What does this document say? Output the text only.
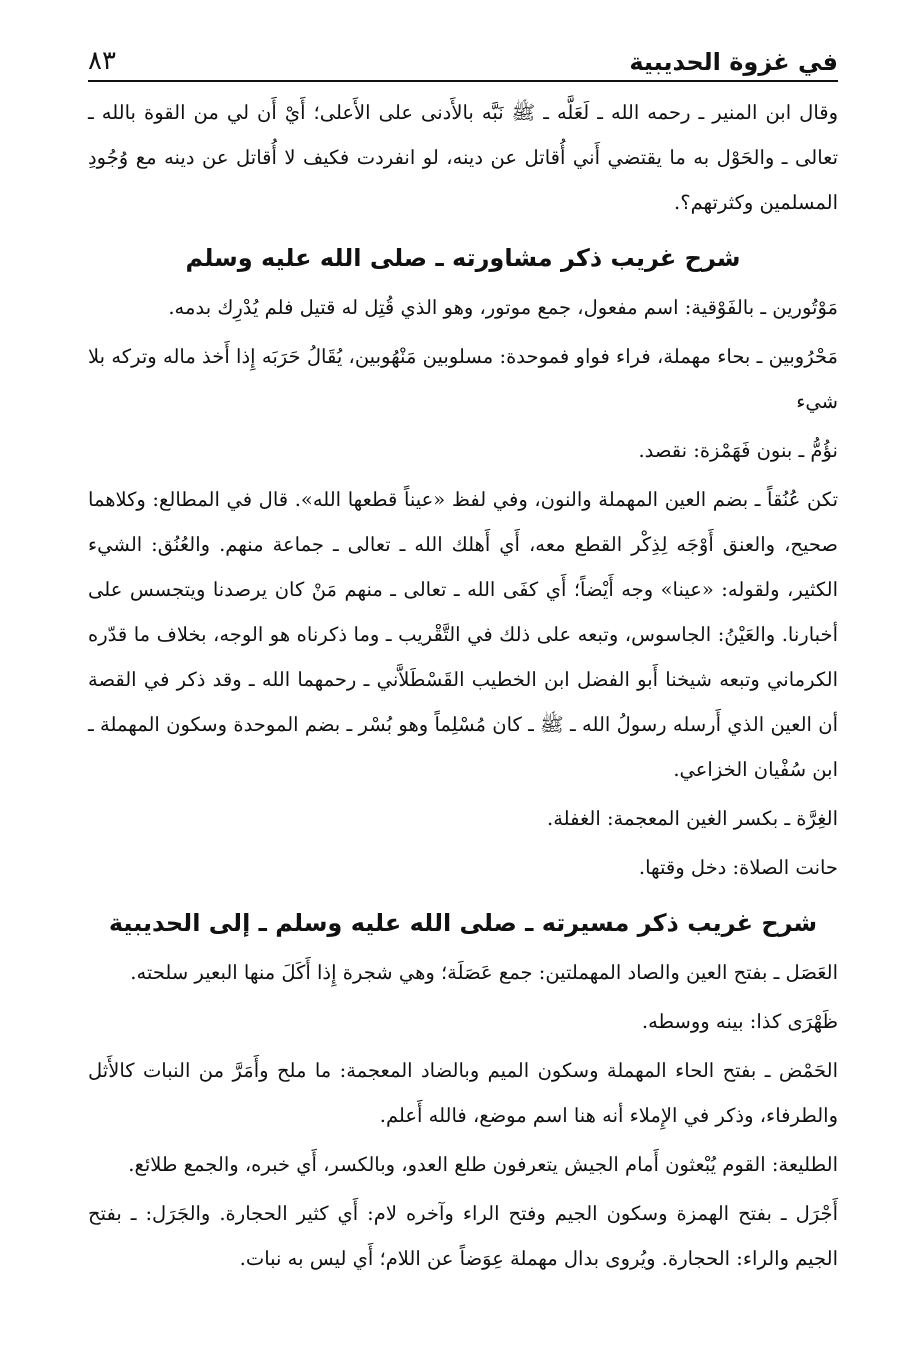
في غزوة الحديبية
٨٣

وقال ابن المنير ـ رحمه الله ـ لَعَلَّه ـ ﷺ نَبَّه بالأَدنى على الأَعلى؛ أَيْ أَن لي من القوة بالله ـ تعالى ـ والحَوْل به ما يقتضي أَني أُقاتل عن دينه، لو انفردت فكيف لا أُقاتل عن دينه مع وُجُودِ المسلمين وكثرتهم؟.

شرح غريب ذكر مشاورته ـ صلى الله عليه وسلم

مَوْتُورين ـ بالفَوْقية: اسم مفعول، جمع موتور، وهو الذي قُتِل له قتيل فلم يُدْرِك بدمه.

مَحْرُوبين ـ بحاء مهملة، فراء فواو فموحدة: مسلوبين مَنْهُوبين، يُقَالُ حَرَبَه إِذا أَخذ ماله وتركه بلا شيء

نؤُمُّ ـ بنون فَهَمْزة: نقصد.

تكن عُنُقاً ـ بضم العين المهملة والنون، وفي لفظ «عيناً قطعها الله». قال في المطالع: وكلاهما صحيح، والعنق أَوْجَه لِذِكْر القطع معه، أَي أَهلك الله ـ تعالى ـ جماعة منهم. والعُنُق: الشيء الكثير، ولقوله: «عينا» وجه أَيْضاً؛ أَي كفَى الله ـ تعالى ـ منهم مَنْ كان يرصدنا ويتجسس على أخبارنا. والعَيْنُ: الجاسوس، وتبعه على ذلك في التَّقْريب ـ وما ذكرناه هو الوجه، بخلاف ما قدّره الكرماني وتبعه شيخنا أَبو الفضل ابن الخطيب القَسْطَلاَّني ـ رحمهما الله ـ وقد ذكر في القصة أن العين الذي أَرسله رسولُ الله ـ ﷺ ـ كان مُسْلِماً وهو بُسْر ـ بضم الموحدة وسكون المهملة ـ ابن سُفْيان الخزاعي.

الغِرَّة ـ بكسر الغين المعجمة: الغفلة.

حانت الصلاة: دخل وقتها.

شرح غريب ذكر مسيرته ـ صلى الله عليه وسلم ـ إلى الحديبية

العَصَل ـ بفتح العين والصاد المهملتين: جمع عَصَلَة؛ وهي شجرة إِذا أَكَلَ منها البعير سلحته.

ظَهْرَى كذا: بينه ووسطه.

الحَمْض ـ بفتح الحاء المهملة وسكون الميم وبالضاد المعجمة: ما ملح وأَمَرَّ من النبات كالأَثل والطرفاء، وذكر في الإِملاء أنه هنا اسم موضع، فالله أَعلم.

الطليعة: القوم يُبْعثون أَمام الجيش يتعرفون طلع العدو، وبالكسر، أَي خبره، والجمع طلائع.

أَجْرَل ـ بفتح الهمزة وسكون الجيم وفتح الراء وآخره لام: أَي كثير الحجارة. والجَرَل: ـ بفتح الجيم والراء: الحجارة. ويُروى بدال مهملة عِوَضاً عن اللام؛ أَي ليس به نبات.
